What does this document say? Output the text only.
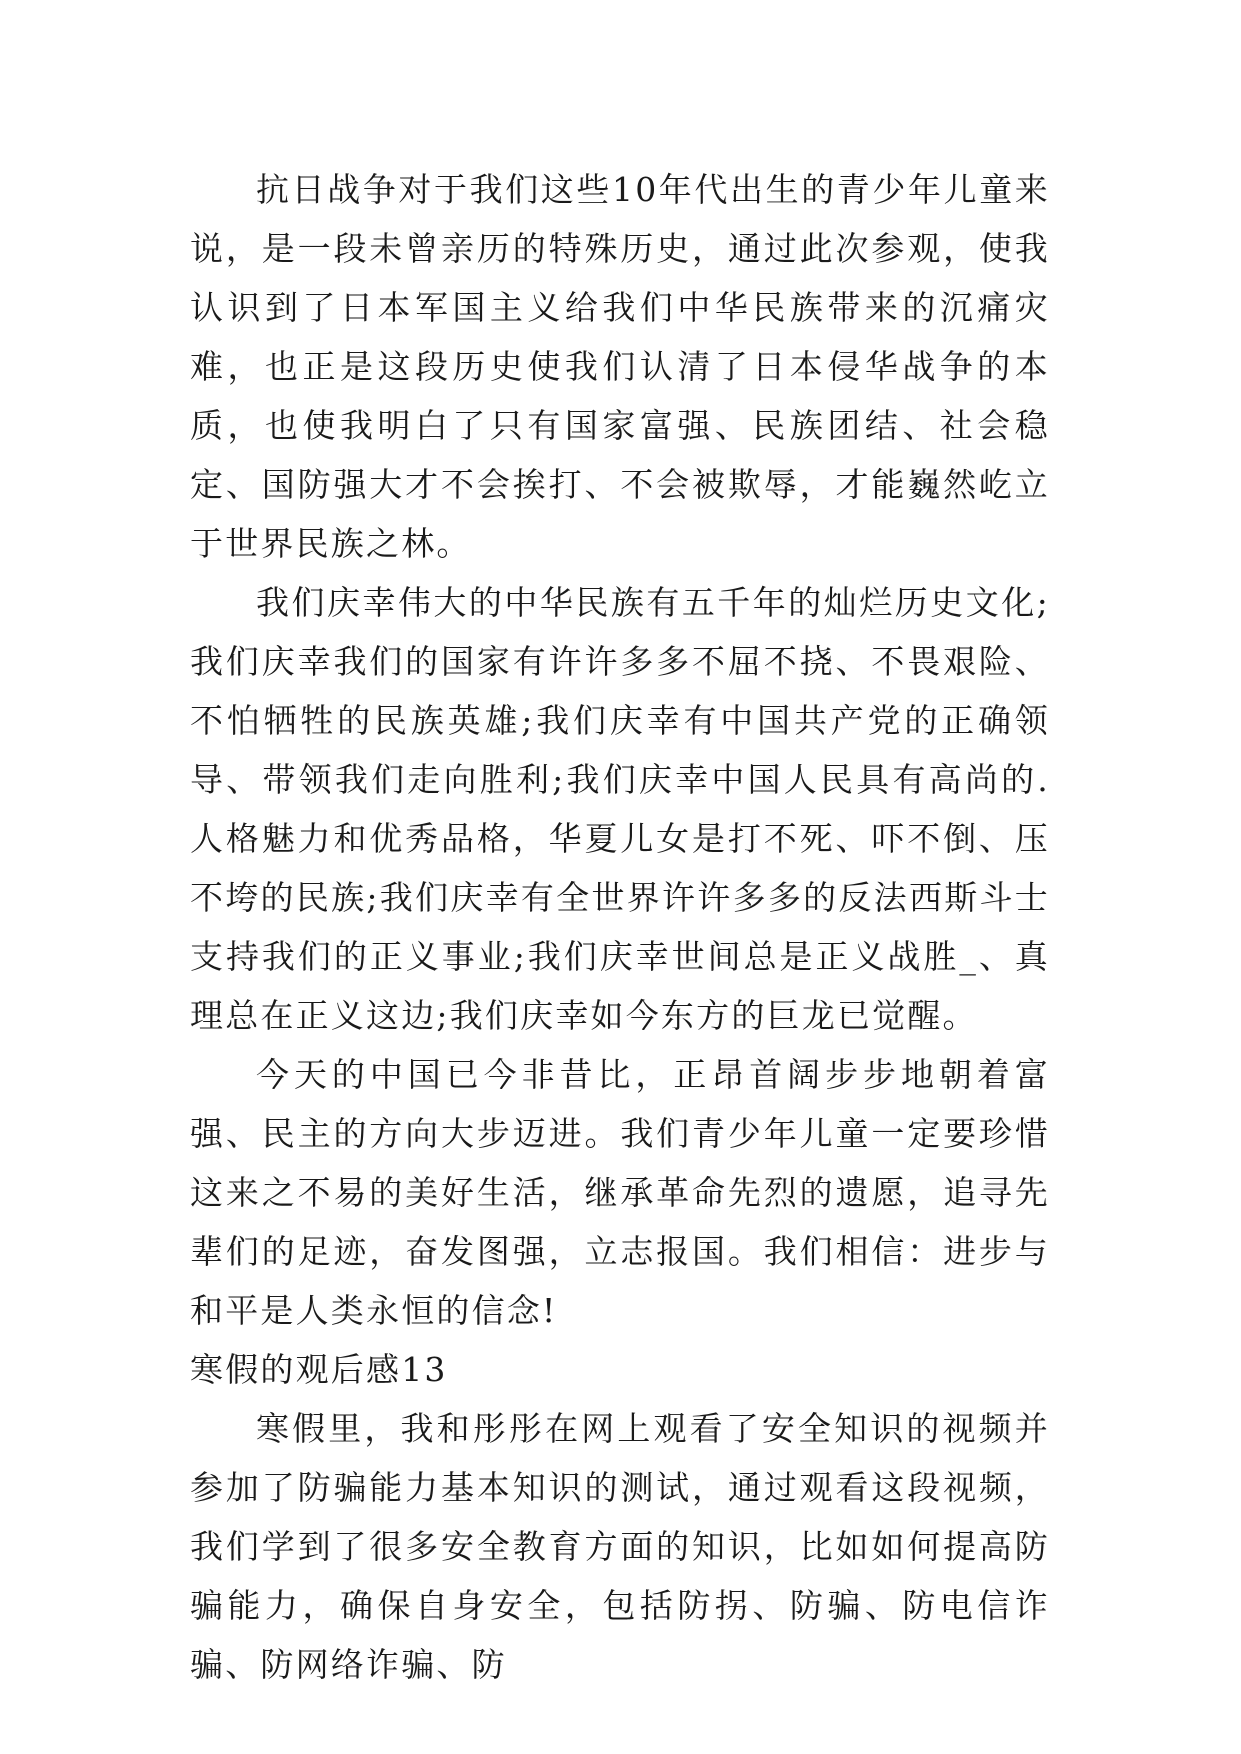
抗日战争对于我们这些10年代出生的青少年儿童来说，是一段未曾亲历的特殊历史，通过此次参观，使我认识到了日本军国主义给我们中华民族带来的沉痛灾难，也正是这段历史使我们认清了日本侵华战争的本质，也使我明白了只有国家富强、民族团结、社会稳定、国防强大才不会挨打、不会被欺辱，才能巍然屹立于世界民族之林。

我们庆幸伟大的中华民族有五千年的灿烂历史文化;我们庆幸我们的国家有许许多多不屈不挠、不畏艰险、不怕牺牲的民族英雄;我们庆幸有中国共产党的正确领导、带领我们走向胜利;我们庆幸中国人民具有高尚的.人格魅力和优秀品格，华夏儿女是打不死、吓不倒、压不垮的民族;我们庆幸有全世界许许多多的反法西斯斗士支持我们的正义事业;我们庆幸世间总是正义战胜_、真理总在正义这边;我们庆幸如今东方的巨龙已觉醒。

今天的中国已今非昔比，正昂首阔步步地朝着富强、民主的方向大步迈进。我们青少年儿童一定要珍惜这来之不易的美好生活，继承革命先烈的遗愿，追寻先辈们的足迹，奋发图强，立志报国。我们相信：进步与和平是人类永恒的信念!

寒假的观后感13

寒假里，我和彤彤在网上观看了安全知识的视频并参加了防骗能力基本知识的测试，通过观看这段视频，我们学到了很多安全教育方面的知识，比如如何提高防骗能力，确保自身安全，包括防拐、防骗、防电信诈骗、防网络诈骗、防
